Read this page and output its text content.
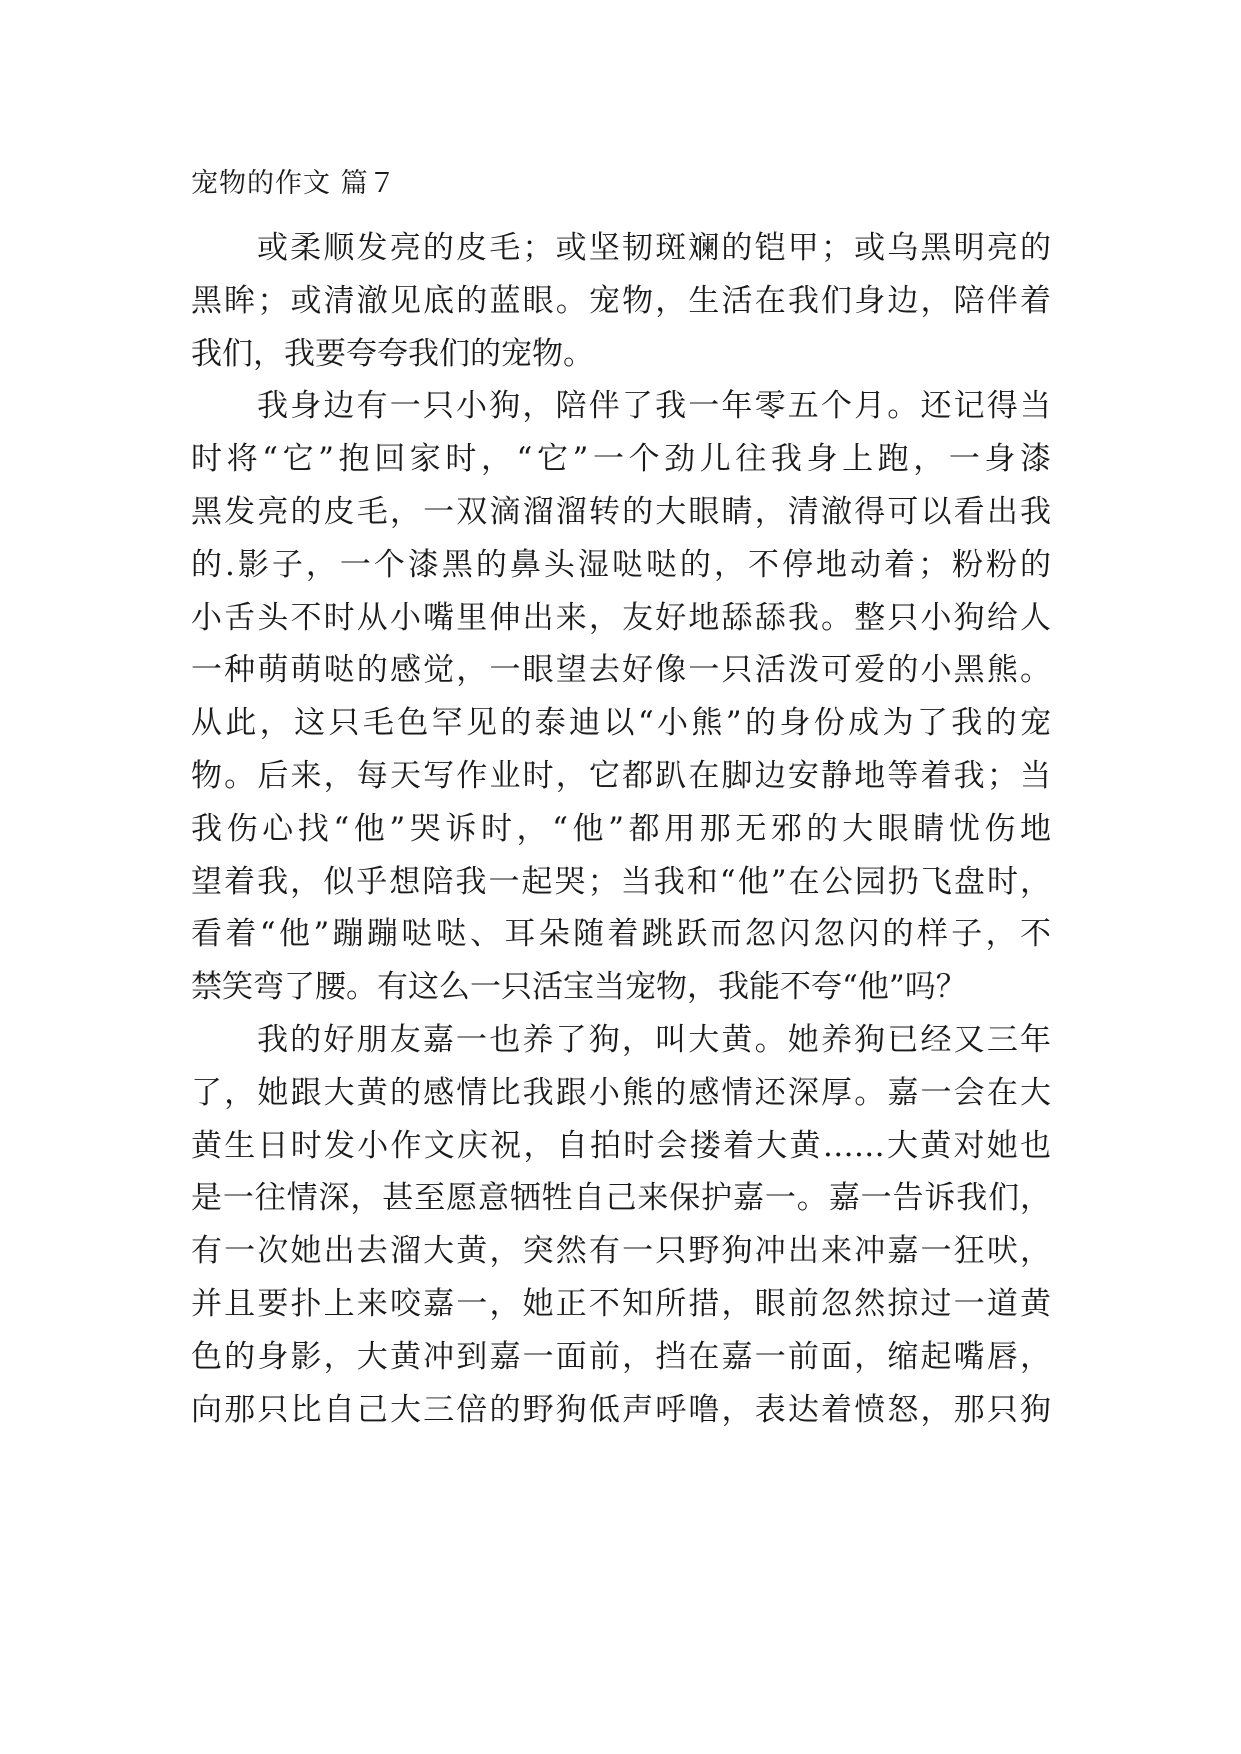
宠物的作文 篇７
或柔顺发亮的皮毛；或坚韧斑斓的铠甲；或乌黑明亮的
黑眸；或清澈见底的蓝眼。宠物，生活在我们身边，陪伴着
我们，我要夸夸我们的宠物。
我身边有一只小狗，陪伴了我一年零五个月。还记得当
时将“它”抱回家时，“它”一个劲儿往我身上跑，一身漆
黑发亮的皮毛，一双滴溜溜转的大眼睛，清澈得可以看出我
的.影子，一个漆黑的鼻头湿哒哒的，不停地动着；粉粉的
小舌头不时从小嘴里伸出来，友好地舔舔我。整只小狗给人
一种萌萌哒的感觉，一眼望去好像一只活泼可爱的小黑熊。
从此，这只毛色罕见的泰迪以“小熊”的身份成为了我的宠
物。后来，每天写作业时，它都趴在脚边安静地等着我；当
我伤心找“他”哭诉时，“他”都用那无邪的大眼睛忧伤地
望着我，似乎想陪我一起哭；当我和“他”在公园扔飞盘时，
看着“他”蹦蹦哒哒、耳朵随着跳跃而忽闪忽闪的样子，不
禁笑弯了腰。有这么一只活宝当宠物，我能不夸“他”吗？
我的好朋友嘉一也养了狗，叫大黄。她养狗已经又三年
了，她跟大黄的感情比我跟小熊的感情还深厚。嘉一会在大
黄生日时发小作文庆祝，自拍时会搂着大黄……大黄对她也
是一往情深，甚至愿意牺牲自己来保护嘉一。嘉一告诉我们，
有一次她出去溜大黄，突然有一只野狗冲出来冲嘉一狂吠，
并且要扑上来咬嘉一，她正不知所措，眼前忽然掠过一道黄
色的身影，大黄冲到嘉一面前，挡在嘉一前面，缩起嘴唇，
向那只比自己大三倍的野狗低声呼噜，表达着愤怒，那只狗
